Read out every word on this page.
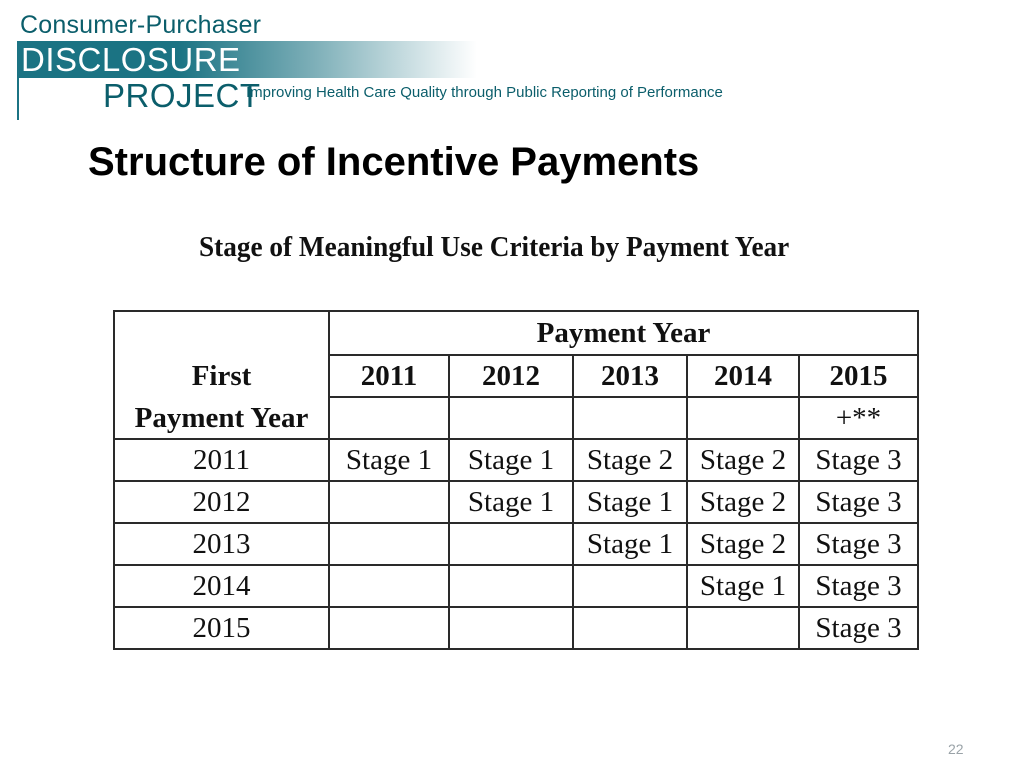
Consumer-Purchaser
DISCLOSURE
PROJECT
Improving Health Care Quality through Public Reporting of Performance
Structure of Incentive Payments
Stage of Meaningful Use Criteria by Payment Year
	Payment Year				
First	2011	2012	2013	2014	2015
Payment Year					+**
2011	Stage 1	Stage 1	Stage 2	Stage 2	Stage 3
2012		Stage 1	Stage 1	Stage 2	Stage 3
2013			Stage 1	Stage 2	Stage 3
2014				Stage 1	Stage 3
2015					Stage 3
22
